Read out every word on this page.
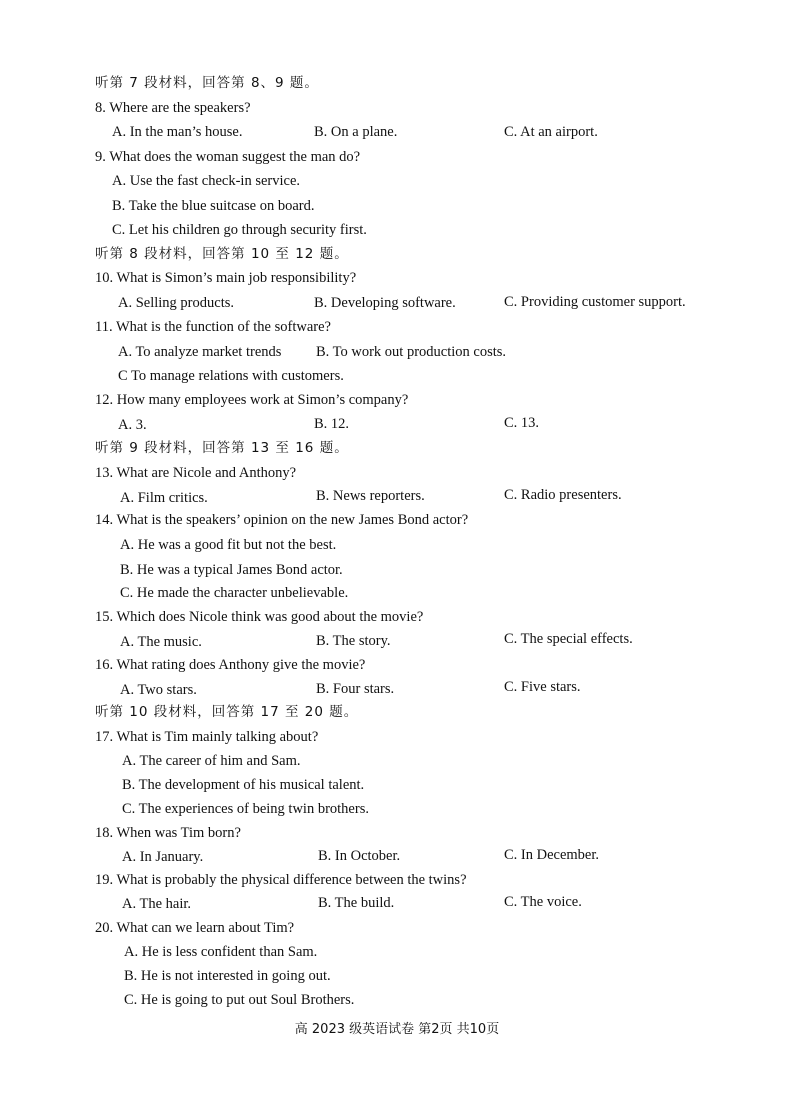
听第 7 段材料，回答第 8、9 题。
8. Where are the speakers?
A. In the man’s house.	B. On a plane.	C. At an airport.
9. What does the woman suggest the man do?
A. Use the fast check-in service.
B. Take the blue suitcase on board.
C. Let his children go through security first.
听第 8 段材料，回答第 10 至 12 题。
10. What is Simon’s main job responsibility?
A. Selling products.	B. Developing software.	C. Providing customer support.
11. What is the function of the software?
A. To analyze market trends B. To work out production costs.
C To manage relations with customers.
12. How many employees work at Simon’s company?
A. 3.	B. 12.	C. 13.
听第 9 段材料，回答第 13 至 16 题。
13. What are Nicole and Anthony?
A. Film critics.	B. News reporters.	C. Radio presenters.
14. What is the speakers’ opinion on the new James Bond actor?
A. He was a good fit but not the best.
B. He was a typical James Bond actor.
C. He made the character unbelievable.
15. Which does Nicole think was good about the movie?
A. The music.	B. The story.	C. The special effects.
16. What rating does Anthony give the movie?
A. Two stars.	B. Four stars.	C. Five stars.
听第 10 段材料，回答第 17 至 20 题。
17. What is Tim mainly talking about?
A. The career of him and Sam.
B. The development of his musical talent.
C. The experiences of being twin brothers.
18. When was Tim born?
A. In January.	B. In October.	C. In December.
19. What is probably the physical difference between the twins?
A. The hair.	B. The build.	C. The voice.
20. What can we learn about Tim?
A. He is less confident than Sam.
B. He is not interested in going out.
C. He is going to put out Soul Brothers.
高 2023 级英语试卷 第2页 共10页
